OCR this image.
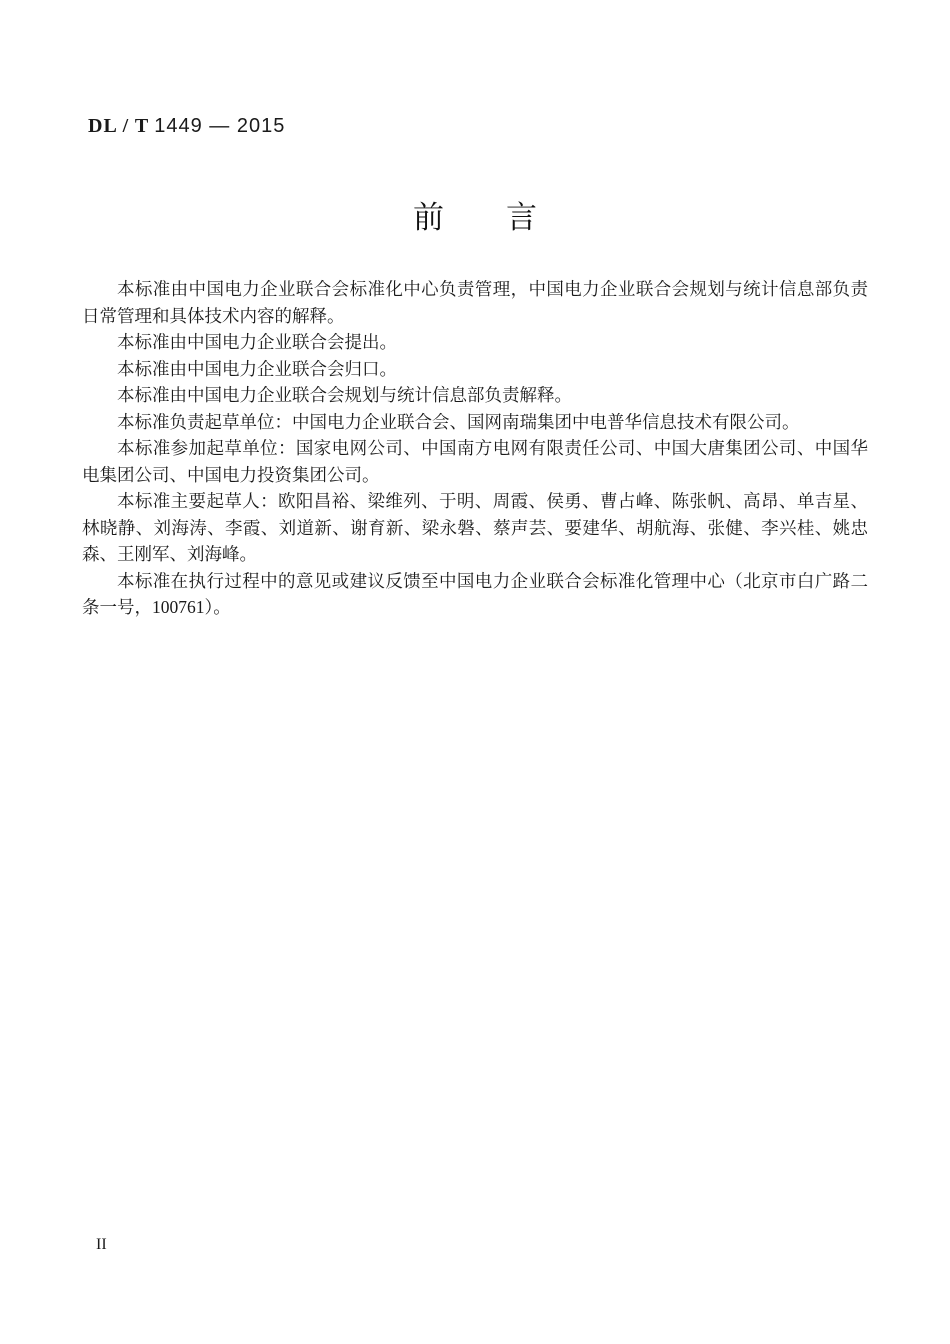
DL / T 1449 — 2015
前　　言

本标准由中国电力企业联合会标准化中心负责管理，中国电力企业联合会规划与统计信息部负责日常管理和具体技术内容的解释。

本标准由中国电力企业联合会提出。

本标准由中国电力企业联合会归口。

本标准由中国电力企业联合会规划与统计信息部负责解释。

本标准负责起草单位：中国电力企业联合会、国网南瑞集团中电普华信息技术有限公司。

本标准参加起草单位：国家电网公司、中国南方电网有限责任公司、中国大唐集团公司、中国华电集团公司、中国电力投资集团公司。

本标准主要起草人：欧阳昌裕、梁维列、于明、周霞、侯勇、曹占峰、陈张帆、高昂、单吉星、林晓静、刘海涛、李霞、刘道新、谢育新、梁永磐、蔡声芸、要建华、胡航海、张健、李兴桂、姚忠森、王刚军、刘海峰。

本标准在执行过程中的意见或建议反馈至中国电力企业联合会标准化管理中心（北京市白广路二条一号，100761）。

II
